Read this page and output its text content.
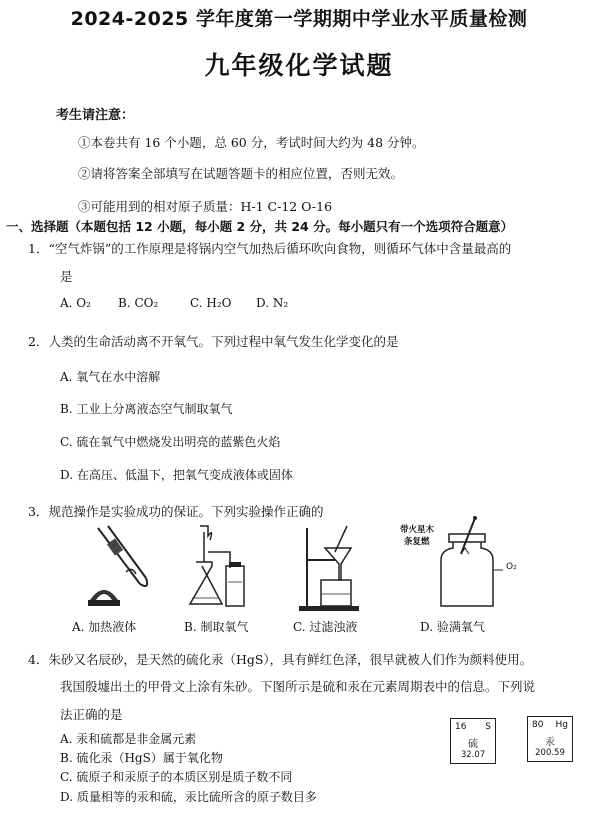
2024-2025 学年度第一学期期中学业水平质量检测
九年级化学试题
考生请注意：
①本卷共有 16 个小题，总 60 分，考试时间大约为 48 分钟。
②请将答案全部填写在试题答题卡的相应位置，否则无效。
③可能用到的相对原子质量：H-1 C-12 O-16
一、选择题（本题包括 12 小题，每小题 2 分，共 24 分。每小题只有一个选项符合题意）
1．“空气炸锅”的工作原理是将锅内空气加热后循环吹向食物，则循环气体中含量最高的
是
A. O₂ B. CO₂	C. H₂O D. N₂
2．人类的生命活动离不开氧气。下列过程中氧气发生化学变化的是
A. 氧气在水中溶解
B. 工业上分离液态空气制取氧气
C. 硫在氧气中燃烧发出明亮的蓝紫色火焰
D. 在高压、低温下，把氧气变成液体或固体
3．规范操作是实验成功的保证。下列实验操作正确的
带火星木
条复燃
O₂
A. 加热液体	B. 制取氧气	C. 过滤浊液	D. 验满氧气
4．朱砂又名辰砂，是天然的硫化汞（HgS），具有鲜红色泽，很早就被人们作为颜料使用。
我国殷墟出土的甲骨文上涂有朱砂。下图所示是硫和汞在元素周期表中的信息。下列说
法正确的是
A. 汞和硫都是非金属元素
B. 硫化汞（HgS）属于氧化物
C. 硫原子和汞原子的本质区别是质子数不同
D. 质量相等的汞和硫，汞比硫所含的原子数目多
16 S
硫
32.07
80 Hg
汞
200.59
